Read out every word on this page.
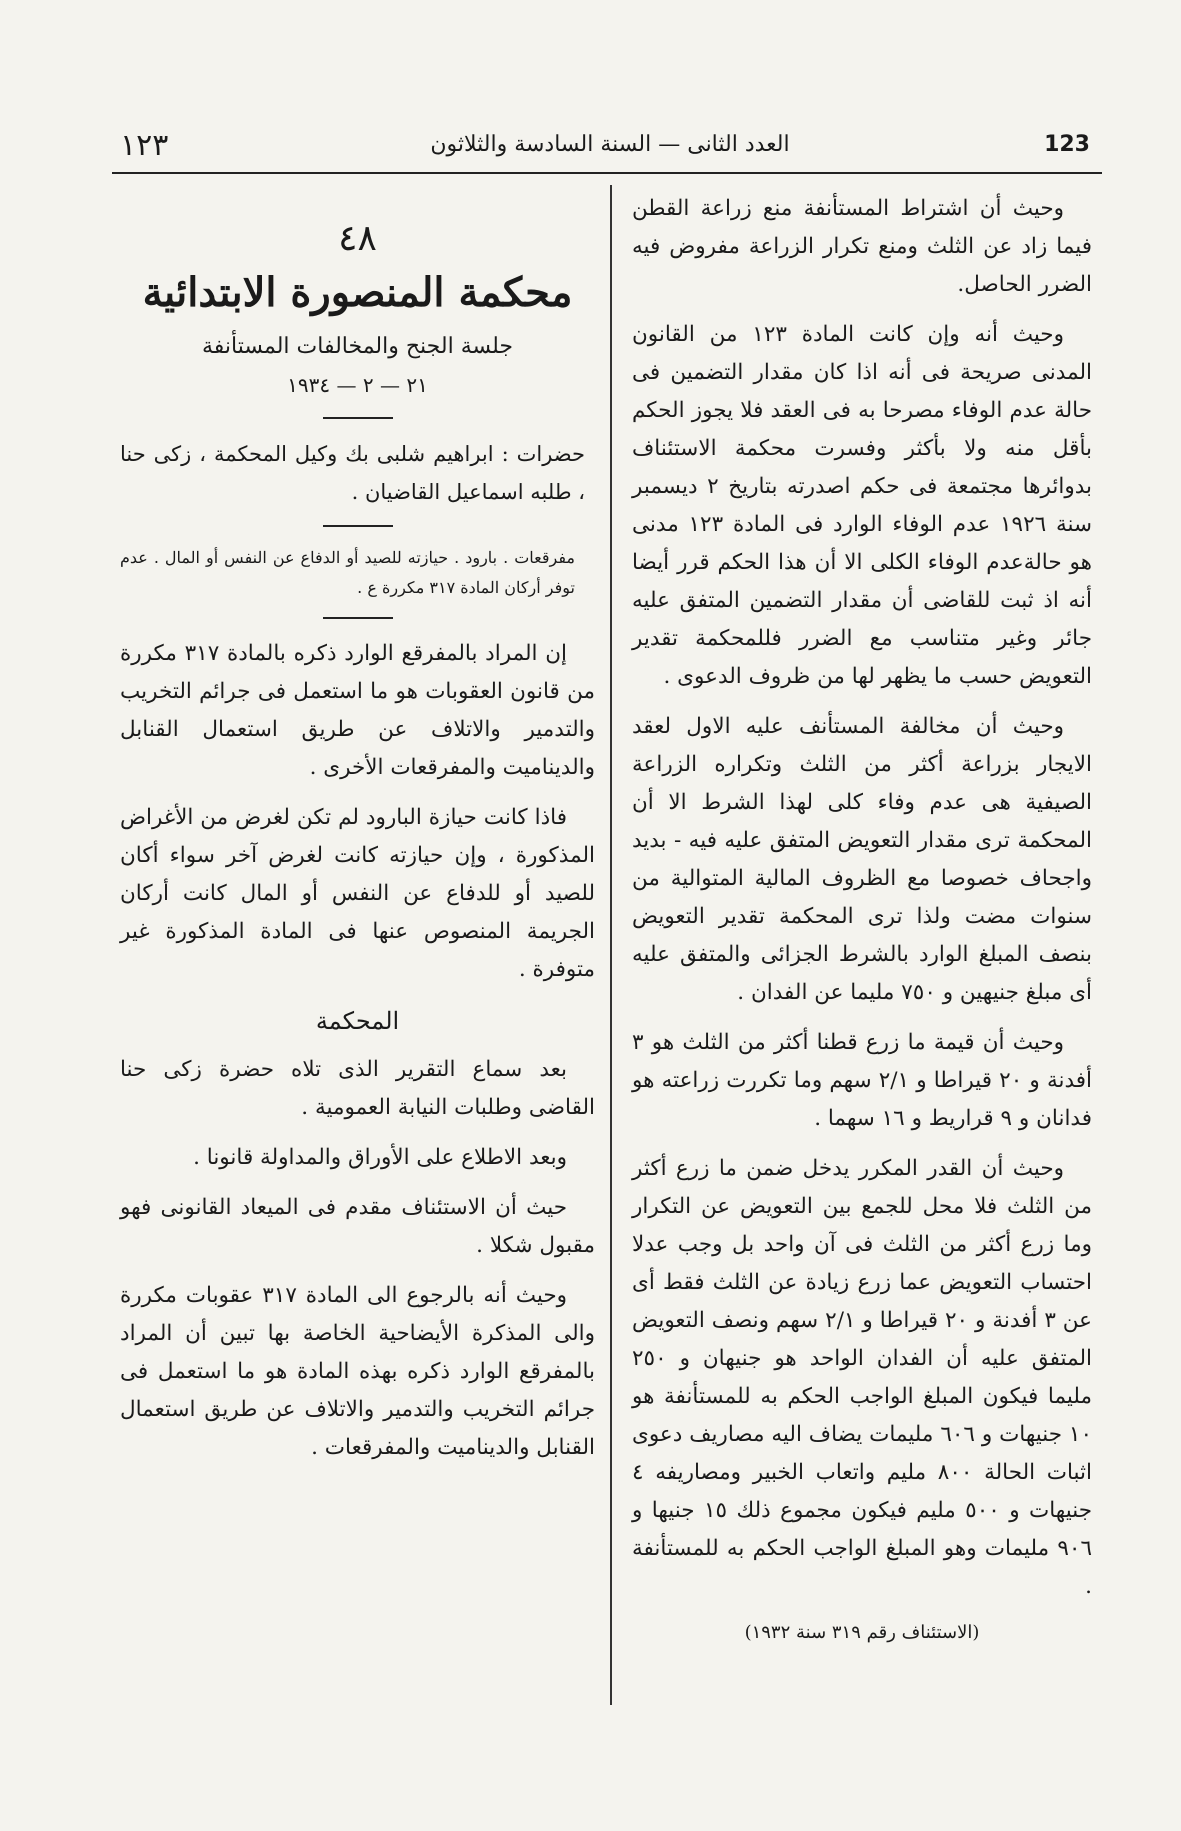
١٢٣	العدد الثانى — السنة السادسة والثلاثون	123

وحيث أن اشتراط المستأنفة منع زراعة القطن فيما زاد عن الثلث ومنع تكرار الزراعة مفروض فيه الضرر الحاصل.

وحيث أنه وإن كانت المادة ١٢٣ من القانون المدنى صريحة فى أنه اذا كان مقدار التضمين فى حالة عدم الوفاء مصرحا به فى العقد فلا يجوز الحكم بأقل منه ولا بأكثر وفسرت محكمة الاستئناف بدوائرها مجتمعة فى حكم اصدرته بتاريخ ٢ ديسمبر سنة ١٩٢٦ عدم الوفاء الوارد فى المادة ١٢٣ مدنى هو حالةعدم الوفاء الكلى الا أن هذا الحكم قرر أيضا أنه اذ ثبت للقاضى أن مقدار التضمين المتفق عليه جائر وغير متناسب مع الضرر فللمحكمة تقدير التعويض حسب ما يظهر لها من ظروف الدعوى .

وحيث أن مخالفة المستأنف عليه الاول لعقد الايجار بزراعة أكثر من الثلث وتكراره الزراعة الصيفية هى عدم وفاء كلى لهذا الشرط الا أن المحكمة ترى مقدار التعويض المتفق عليه فيه - بديد واجحاف خصوصا مع الظروف المالية المتوالية من سنوات مضت ولذا ترى المحكمة تقدير التعويض بنصف المبلغ الوارد بالشرط الجزائى والمتفق عليه أى مبلغ جنيهين و ٧٥٠ مليما عن الفدان .

وحيث أن قيمة ما زرع قطنا أكثر من الثلث هو ٣ أفدنة و ٢٠ قيراطا و ٢/١ سهم وما تكررت زراعته هو فدانان و ٩ قراريط و ١٦ سهما .

وحيث أن القدر المكرر يدخل ضمن ما زرع أكثر من الثلث فلا محل للجمع بين التعويض عن التكرار وما زرع أكثر من الثلث فى آن واحد بل وجب عدلا احتساب التعويض عما زرع زيادة عن الثلث فقط أى عن ٣ أفدنة و ٢٠ قيراطا و ٢/١ سهم ونصف التعويض المتفق عليه أن الفدان الواحد هو جنيهان و ٢٥٠ مليما فيكون المبلغ الواجب الحكم به للمستأنفة هو ١٠ جنيهات و ٦٠٦ مليمات يضاف اليه مصاريف دعوى اثبات الحالة ٨٠٠ مليم واتعاب الخبير ومصاريفه ٤ جنيهات و ٥٠٠ مليم فيكون مجموع ذلك ١٥ جنيها و ٩٠٦ مليمات وهو المبلغ الواجب الحكم به للمستأنفة .

(الاستئناف رقم ٣١٩ سنة ١٩٣٢)

٤٨

محكمة المنصورة الابتدائية

جلسة الجنح والمخالفات المستأنفة

٢١ — ٢ — ١٩٣٤

حضرات : ابراهيم شلبى بك وكيل المحكمة ، زكى حنا ، طلبه اسماعيل القاضيان .

مفرقعات . بارود . حيازته للصيد أو الدفاع عن النفس أو المال . عدم توفر أركان المادة ٣١٧ مكررة ع .

إن المراد بالمفرقع الوارد ذكره بالمادة ٣١٧ مكررة من قانون العقوبات هو ما استعمل فى جرائم التخريب والتدمير والاتلاف عن طريق استعمال القنابل والديناميت والمفرقعات الأخرى .

فاذا كانت حيازة البارود لم تكن لغرض من الأغراض المذكورة ، وإن حيازته كانت لغرض آخر سواء أكان للصيد أو للدفاع عن النفس أو المال كانت أركان الجريمة المنصوص عنها فى المادة المذكورة غير متوفرة .

المحكمة

بعد سماع التقرير الذى تلاه حضرة زكى حنا القاضى وطلبات النيابة العمومية .

وبعد الاطلاع على الأوراق والمداولة قانونا .

حيث أن الاستئناف مقدم فى الميعاد القانونى فهو مقبول شكلا .

وحيث أنه بالرجوع الى المادة ٣١٧ عقوبات مكررة والى المذكرة الأيضاحية الخاصة بها تبين أن المراد بالمفرقع الوارد ذكره بهذه المادة هو ما استعمل فى جرائم التخريب والتدمير والاتلاف عن طريق استعمال القنابل والديناميت والمفرقعات .
